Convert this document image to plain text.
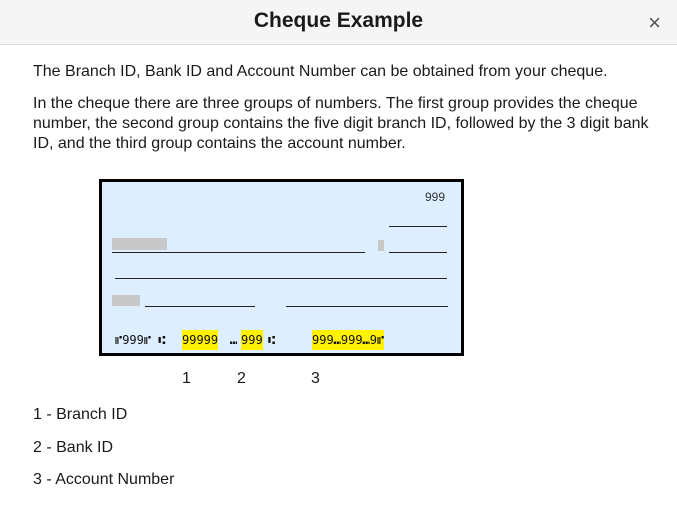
Cheque Example	×

The Branch ID, Bank ID and Account Number can be obtained from your cheque.

In the cheque there are three groups of numbers. The first group provides the cheque number, the second group contains the five digit branch ID, followed by the 3 digit bank ID, and the third group contains the account number.

999
⑈999⑈ ⑆ 99999 ⑉ 999 ⑆	999⑉999⑉9⑈
1	2	3
1 - Branch ID
2 - Bank ID
3 - Account Number
